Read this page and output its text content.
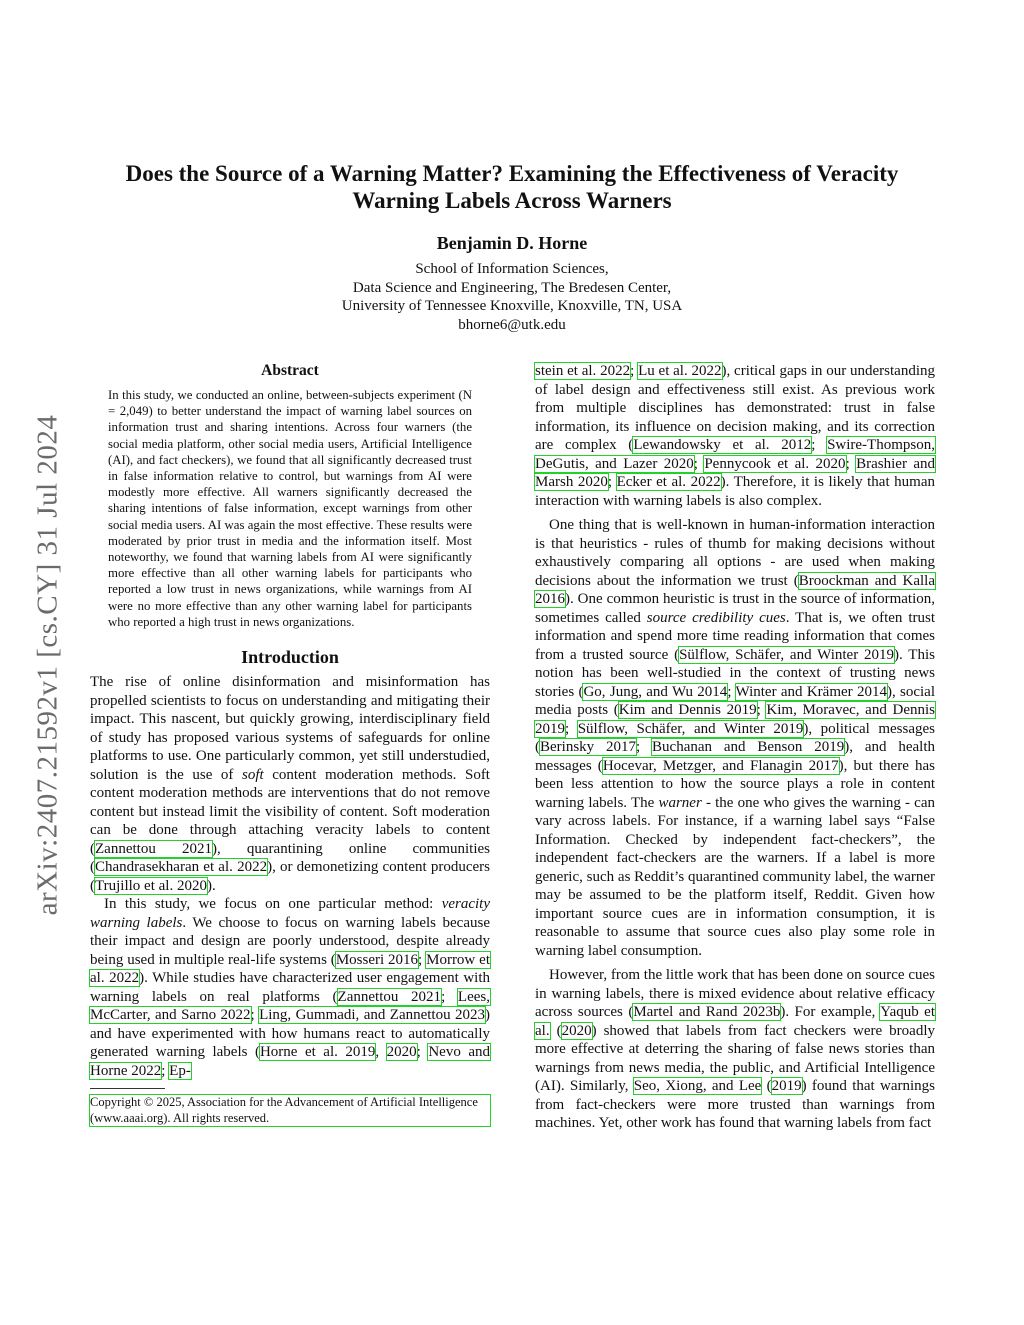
arXiv:2407.21592v1 [cs.CY] 31 Jul 2024
Does the Source of a Warning Matter? Examining the Effectiveness of Veracity Warning Labels Across Warners
Benjamin D. Horne
School of Information Sciences,
Data Science and Engineering, The Bredesen Center,
University of Tennessee Knoxville, Knoxville, TN, USA
bhorne6@utk.edu
Abstract
In this study, we conducted an online, between-subjects experiment (N = 2,049) to better understand the impact of warning label sources on information trust and sharing intentions. Across four warners (the social media platform, other social media users, Artificial Intelligence (AI), and fact checkers), we found that all significantly decreased trust in false information relative to control, but warnings from AI were modestly more effective. All warners significantly decreased the sharing intentions of false information, except warnings from other social media users. AI was again the most effective. These results were moderated by prior trust in media and the information itself. Most noteworthy, we found that warning labels from AI were significantly more effective than all other warning labels for participants who reported a low trust in news organizations, while warnings from AI were no more effective than any other warning label for participants who reported a high trust in news organizations.
Introduction

The rise of online disinformation and misinformation has propelled scientists to focus on understanding and mitigating their impact. This nascent, but quickly growing, interdisciplinary field of study has proposed various systems of safeguards for online platforms to use. One particularly common, yet still understudied, solution is the use of soft content moderation methods. Soft content moderation methods are interventions that do not remove content but instead limit the visibility of content. Soft moderation can be done through attaching veracity labels to content (Zannettou 2021), quarantining online communities (Chandrasekharan et al. 2022), or demonetizing content producers (Trujillo et al. 2020).

In this study, we focus on one particular method: veracity warning labels. We choose to focus on warning labels because their impact and design are poorly understood, despite already being used in multiple real-life systems (Mosseri 2016; Morrow et al. 2022). While studies have characterized user engagement with warning labels on real platforms (Zannettou 2021; Lees, McCarter, and Sarno 2022; Ling, Gummadi, and Zannettou 2023) and have experimented with how humans react to automatically generated warning labels (Horne et al. 2019, 2020; Nevo and Horne 2022; Ep-

Copyright © 2025, Association for the Advancement of Artificial Intelligence (www.aaai.org). All rights reserved.

stein et al. 2022; Lu et al. 2022), critical gaps in our understanding of label design and effectiveness still exist. As previous work from multiple disciplines has demonstrated: trust in false information, its influence on decision making, and its correction are complex (Lewandowsky et al. 2012; Swire-Thompson, DeGutis, and Lazer 2020; Pennycook et al. 2020; Brashier and Marsh 2020; Ecker et al. 2022). Therefore, it is likely that human interaction with warning labels is also complex.

One thing that is well-known in human-information interaction is that heuristics - rules of thumb for making decisions without exhaustively comparing all options - are used when making decisions about the information we trust (Broockman and Kalla 2016). One common heuristic is trust in the source of information, sometimes called source credibility cues. That is, we often trust information and spend more time reading information that comes from a trusted source (Sülflow, Schäfer, and Winter 2019). This notion has been well-studied in the context of trusting news stories (Go, Jung, and Wu 2014; Winter and Krämer 2014), social media posts (Kim and Dennis 2019; Kim, Moravec, and Dennis 2019; Sülflow, Schäfer, and Winter 2019), political messages (Berinsky 2017; Buchanan and Benson 2019), and health messages (Hocevar, Metzger, and Flanagin 2017), but there has been less attention to how the source plays a role in content warning labels. The warner - the one who gives the warning - can vary across labels. For instance, if a warning label says “False Information. Checked by independent fact-checkers”, the independent fact-checkers are the warners. If a label is more generic, such as Reddit’s quarantined community label, the warner may be assumed to be the platform itself, Reddit. Given how important source cues are in information consumption, it is reasonable to assume that source cues also play some role in warning label consumption.

However, from the little work that has been done on source cues in warning labels, there is mixed evidence about relative efficacy across sources (Martel and Rand 2023b). For example, Yaqub et al. (2020) showed that labels from fact checkers were broadly more effective at deterring the sharing of false news stories than warnings from news media, the public, and Artificial Intelligence (AI). Similarly, Seo, Xiong, and Lee (2019) found that warnings from fact-checkers were more trusted than warnings from machines. Yet, other work has found that warning labels from fact
